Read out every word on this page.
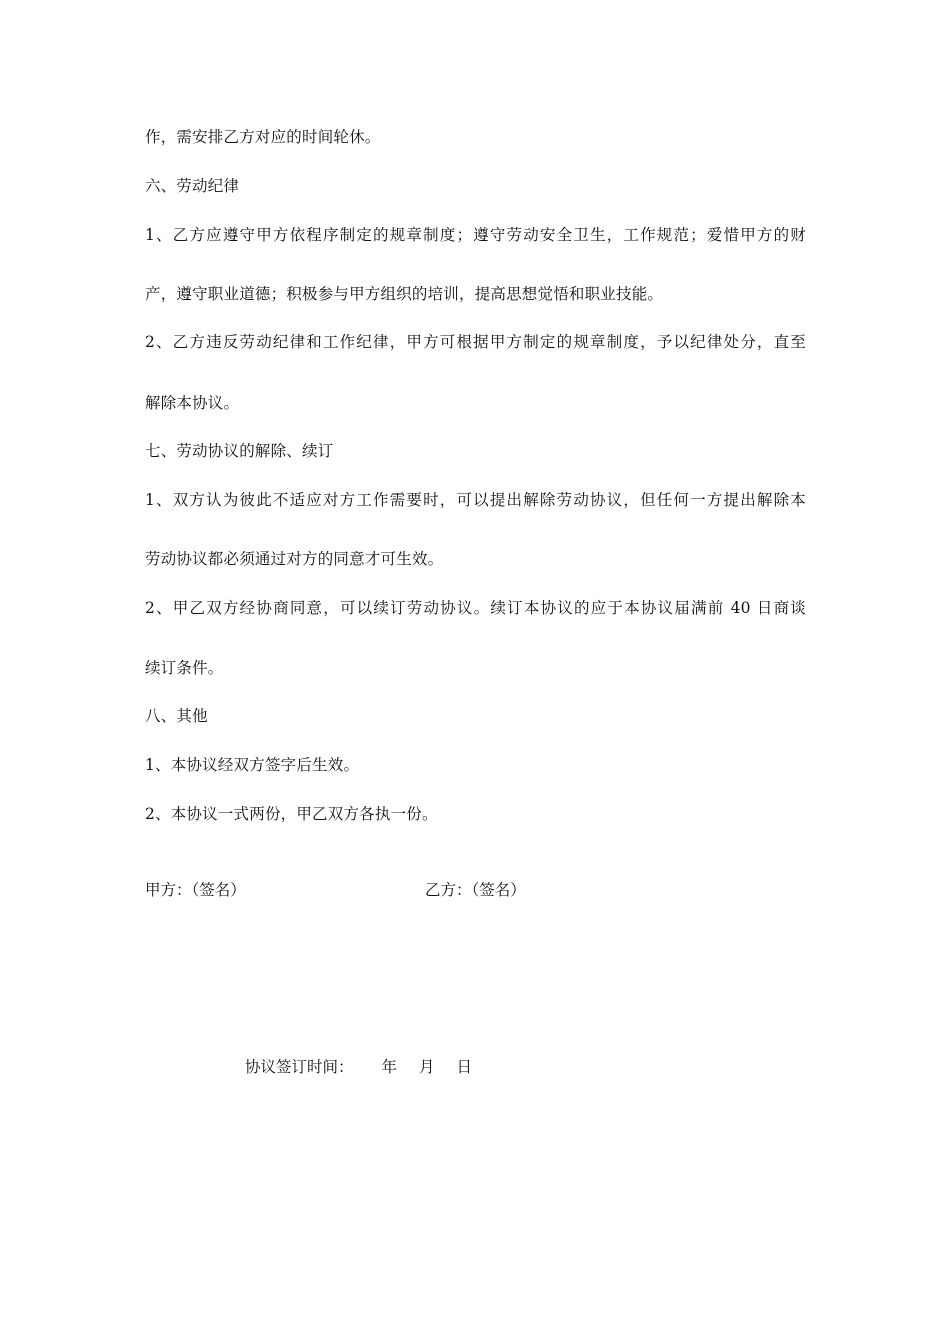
作，需安排乙方对应的时间轮休。
六、劳动纪律
1、乙方应遵守甲方依程序制定的规章制度；遵守劳动安全卫生，工作规范；爱惜甲方的财
产，遵守职业道德；积极参与甲方组织的培训，提高思想觉悟和职业技能。
2、乙方违反劳动纪律和工作纪律，甲方可根据甲方制定的规章制度，予以纪律处分，直至
解除本协议。
七、劳动协议的解除、续订
1、双方认为彼此不适应对方工作需要时，可以提出解除劳动协议，但任何一方提出解除本
劳动协议都必须通过对方的同意才可生效。
2、甲乙双方经协商同意，可以续订劳动协议。续订本协议的应于本协议届满前 40 日商谈
续订条件。
八、其他
1、本协议经双方签字后生效。
2、本协议一式两份，甲乙双方各执一份。
甲方：（签名）	乙方：（签名）
协议签订时间： 年 月 日
